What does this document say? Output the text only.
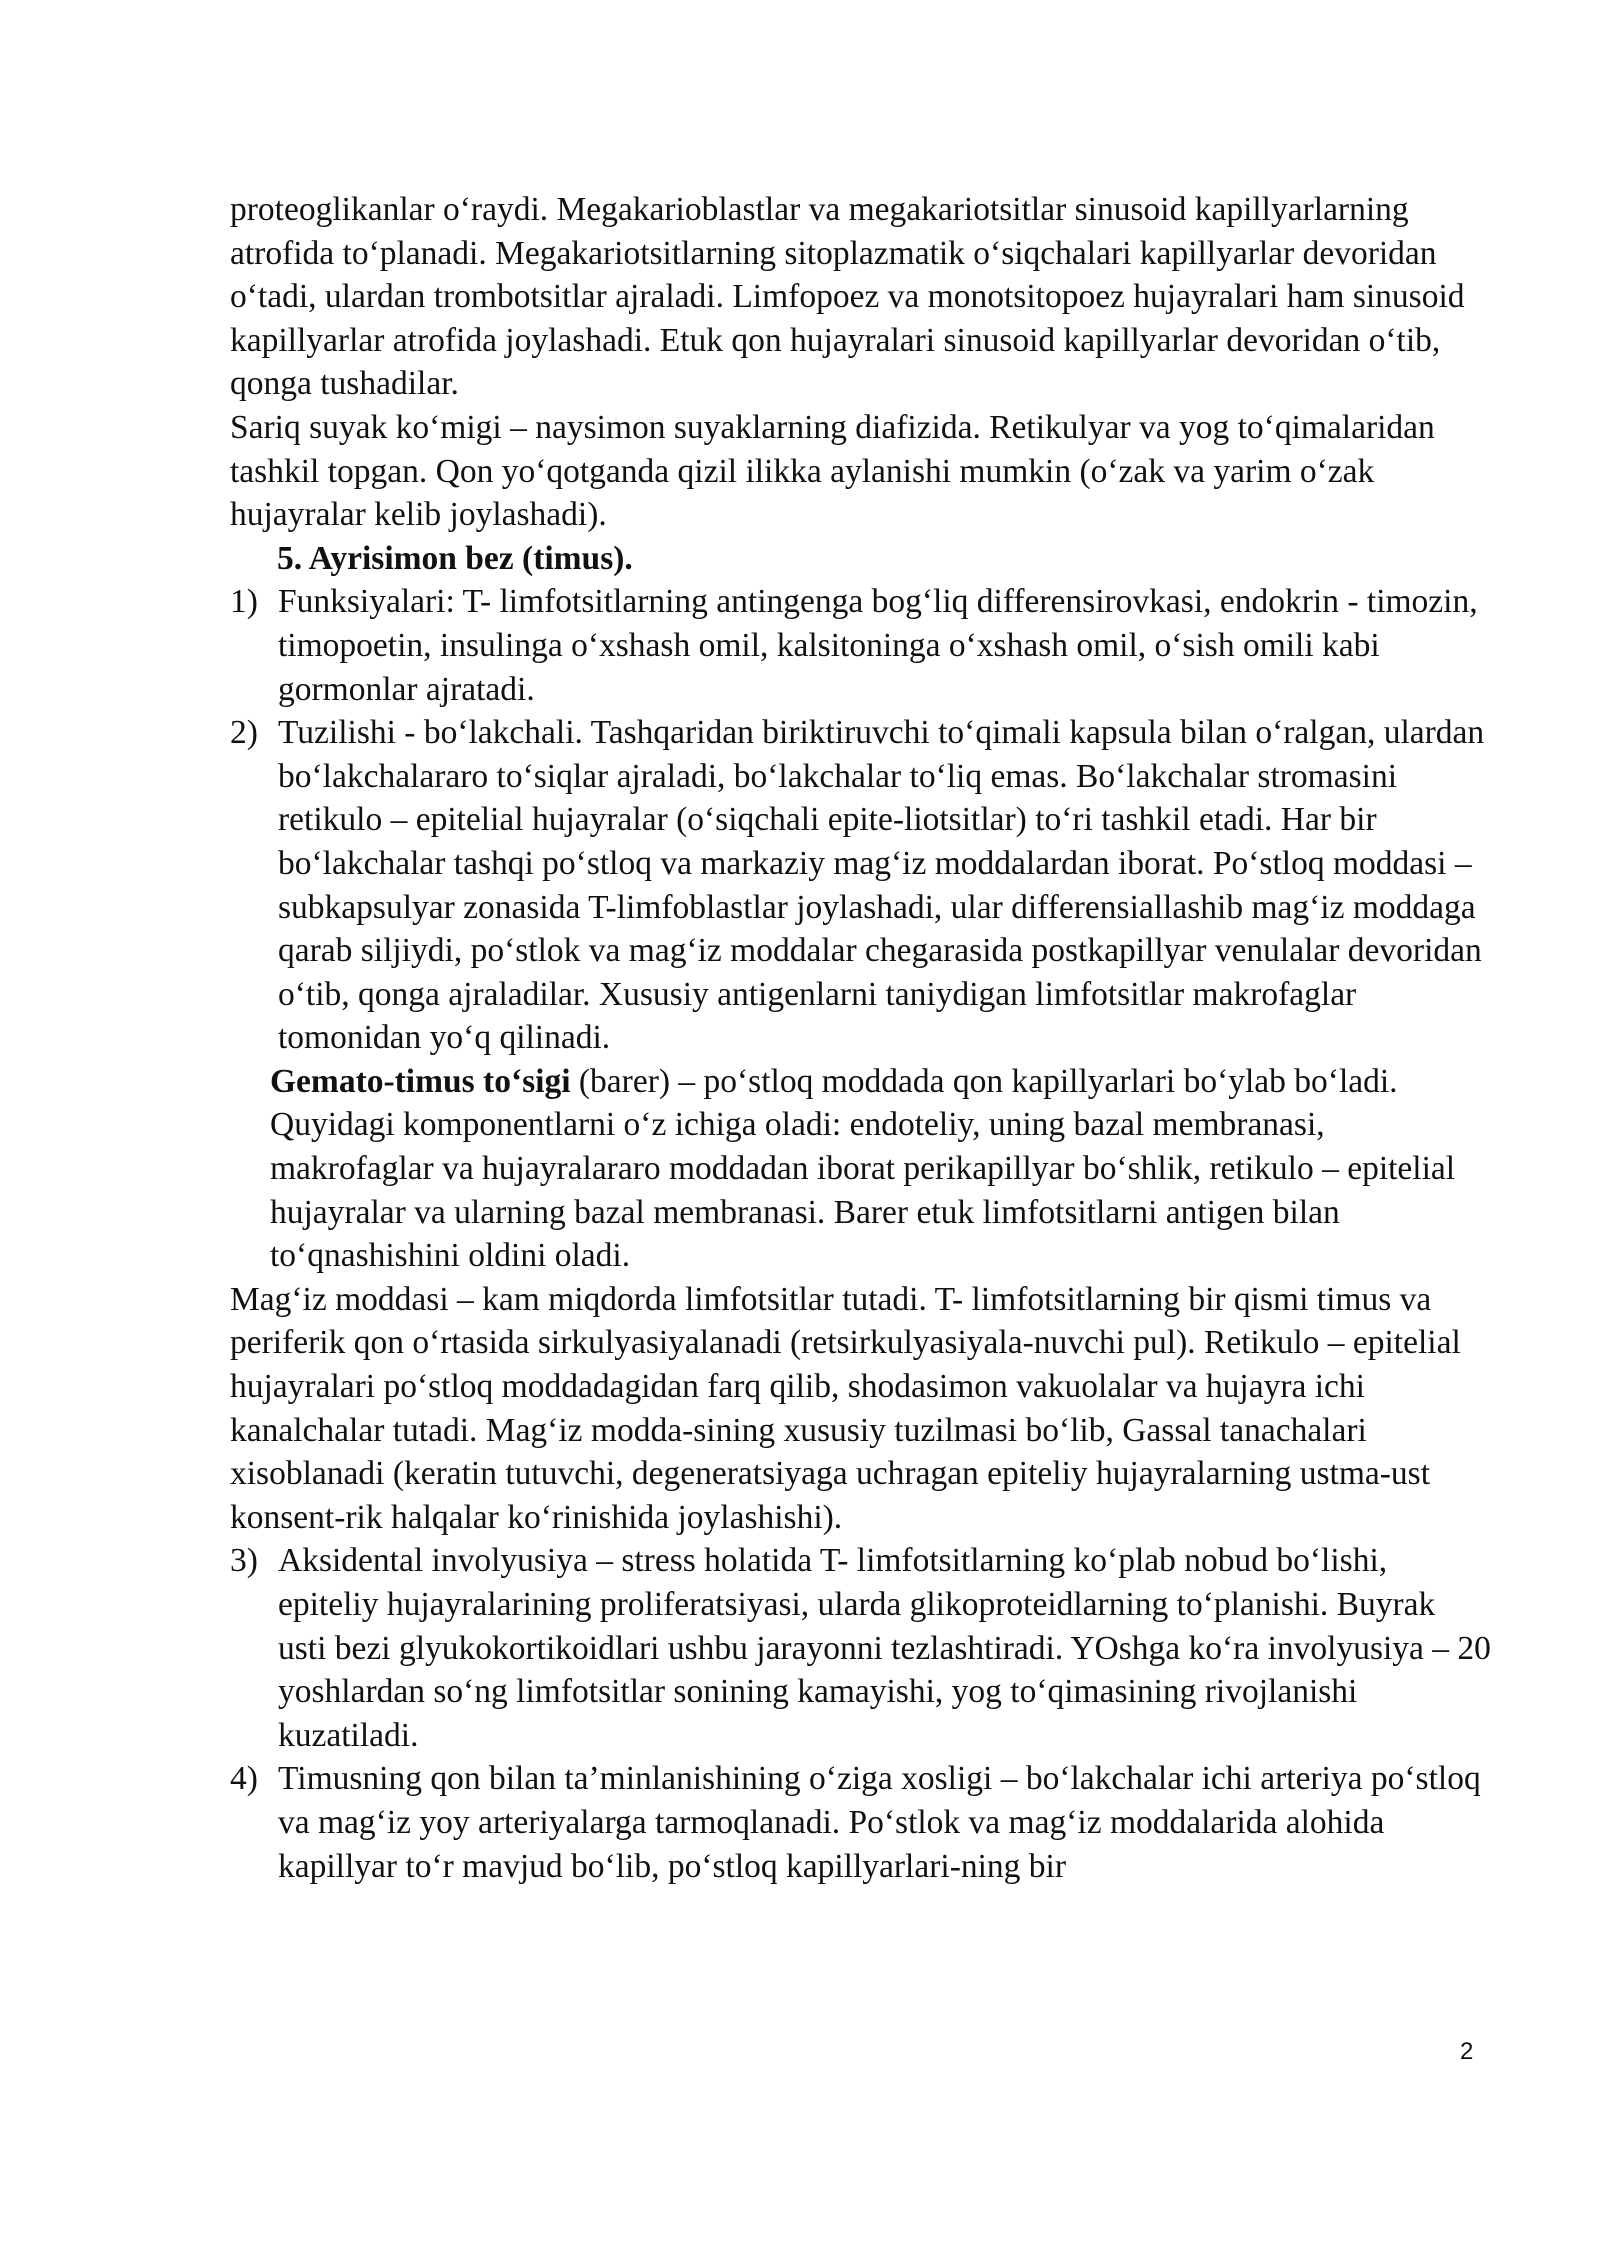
proteoglikanlar o‘raydi. Megakarioblastlar va megakariotsitlar sinusoid kapillyarlarning atrofida to‘planadi. Megakariotsitlarning sitoplazmatik o‘siqchalari kapillyarlar devoridan o‘tadi, ulardan trombotsitlar ajraladi. Limfopoez va monotsitopoez hujayralari ham sinusoid kapillyarlar atrofida joylashadi. Etuk qon hujayralari sinusoid kapillyarlar devoridan o‘tib, qonga tushadilar.

Sariq suyak ko‘migi – naysimon suyaklarning diafizida. Retikulyar va yog to‘qimalaridan tashkil topgan. Qon yo‘qotganda qizil ilikka aylanishi mumkin (o‘zak va yarim o‘zak hujayralar kelib joylashadi).

5. Ayrisimon bez (timus).

1) Funksiyalari: T- limfotsitlarning antingenga bog‘liq differensirovkasi, endokrin - timozin, timopoetin, insulinga o‘xshash omil, kalsitoninga o‘xshash omil, o‘sish omili kabi gormonlar ajratadi.
2) Tuzilishi - bo‘lakchali. Tashqaridan biriktiruvchi to‘qimali kapsula bilan o‘ralgan, ulardan bo‘lakchalararo to‘siqlar ajraladi, bo‘lakchalar to‘liq emas. Bo‘lakchalar stromasini retikulo – epitelial hujayralar (o‘siqchali epite-liotsitlar) to‘ri tashkil etadi. Har bir bo‘lakchalar tashqi po‘stloq va markaziy mag‘iz moddalardan iborat. Po‘stloq moddasi – subkapsulyar zonasida T-limfoblastlar joylashadi, ular differensiallashib mag‘iz moddaga qarab siljiydi, po‘stlok va mag‘iz moddalar chegarasida postkapillyar venulalar devoridan o‘tib, qonga ajraladilar. Xususiy antigenlarni taniydigan limfotsitlar makrofaglar tomonidan yo‘q qilinadi.

Gemato-timus to‘sigi (barer) – po‘stloq moddada qon kapillyarlari bo‘ylab bo‘ladi. Quyidagi komponentlarni o‘z ichiga oladi: endoteliy, uning bazal membranasi, makrofaglar va hujayralararo moddadan iborat perikapillyar bo‘shlik, retikulo – epitelial hujayralar va ularning bazal membranasi. Barer etuk limfotsitlarni antigen bilan to‘qnashishini oldini oladi.

Mag‘iz moddasi – kam miqdorda limfotsitlar tutadi. T- limfotsitlarning bir qismi timus va periferik qon o‘rtasida sirkulyasiyalanadi (retsirkulyasiyala-nuvchi pul). Retikulo – epitelial hujayralari po‘stloq moddadagidan farq qilib, shodasimon vakuolalar va hujayra ichi kanalchalar tutadi. Mag‘iz modda-sining xususiy tuzilmasi bo‘lib, Gassal tanachalari xisoblanadi (keratin tutuvchi, degeneratsiyaga uchragan epiteliy hujayralarning ustma-ust konsent-rik halqalar ko‘rinishida joylashishi).

3) Aksidental involyusiya – stress holatida T- limfotsitlarning ko‘plab nobud bo‘lishi, epiteliy hujayralarining proliferatsiyasi, ularda glikoproteidlarning to‘planishi. Buyrak usti bezi glyukokortikoidlari ushbu jarayonni tezlashtiradi. YOshga ko‘ra involyusiya – 20 yoshlardan so‘ng limfotsitlar sonining kamayishi, yog to‘qimasining rivojlanishi kuzatiladi.
4) Timusning qon bilan ta’minlanishining o‘ziga xosligi – bo‘lakchalar ichi arteriya po‘stloq va mag‘iz yoy arteriyalarga tarmoqlanadi. Po‘stlok va mag‘iz moddalarida alohida kapillyar to‘r mavjud bo‘lib, po‘stloq kapillyarlari-ning bir
2
